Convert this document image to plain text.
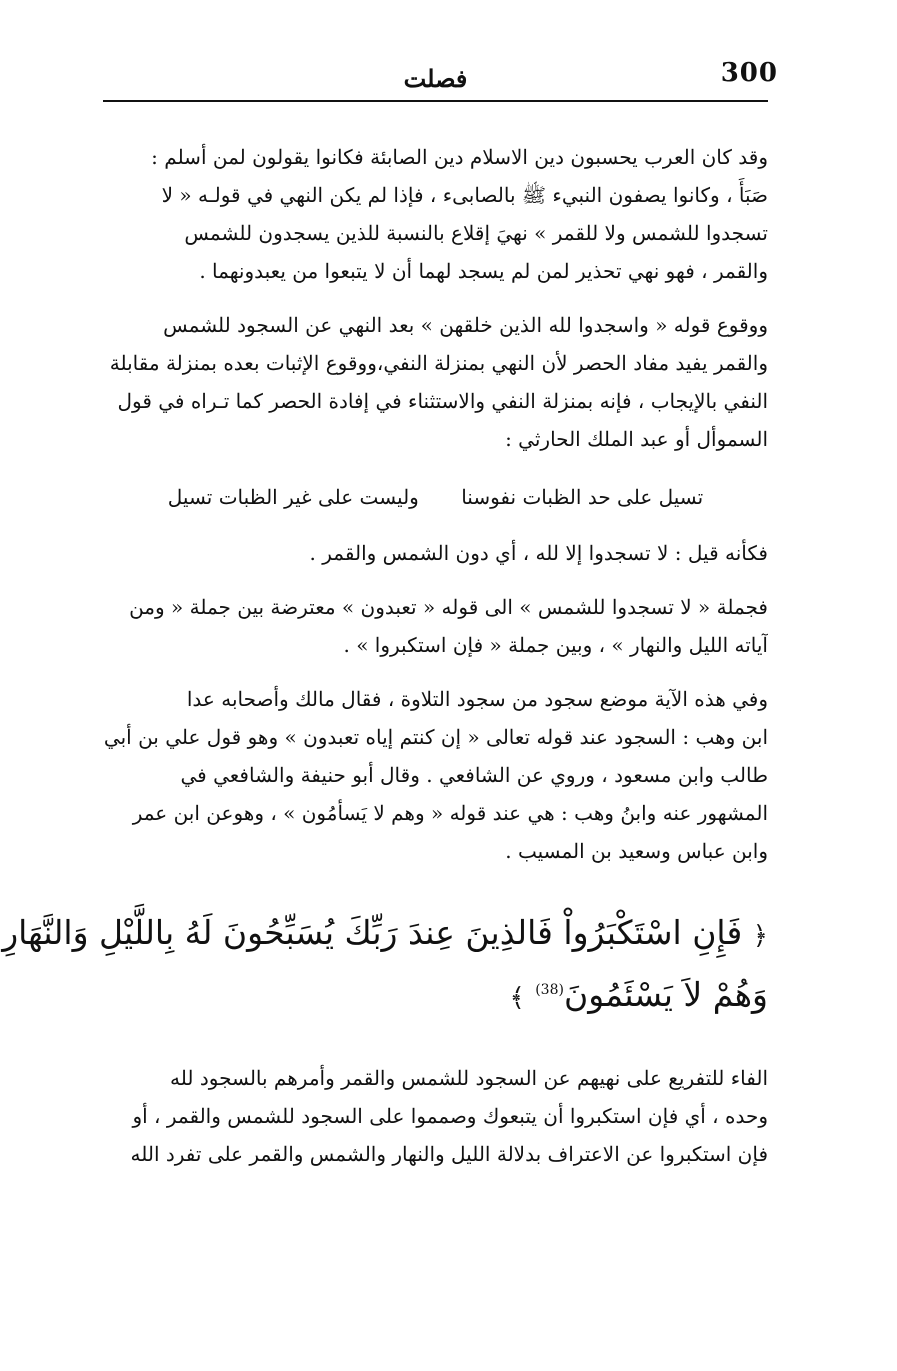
300
فصلت

وقد كان العرب يحسبون دين الاسلام دين الصابئة فكانوا يقولون لمن أسلم :
صَبَأَ ، وكانوا يصفون النبيء ﷺ بالصابىء ، فإذا لم يكن النهي في قولـه « لا
تسجدوا للشمس ولا للقمر » نهيَ إقلاع بالنسبة للذين يسجدون للشمس
والقمر ، فهو نهي تحذير لمن لم يسجد لهما أن لا يتبعوا من يعبدونهما .

ووقوع قوله « واسجدوا لله الذين خلقهن » بعد النهي عن السجود للشمس
والقمر يفيد مفاد الحصر لأن النهي بمنزلة النفي،ووقوع الإثبات بعده بمنزلة مقابلة
النفي بالإيجاب ، فإنه بمنزلة النفي والاستثناء في إفادة الحصر كما تـراه في قول
السموأل أو عبد الملك الحارثي :

تسيل على حد الظبات نفوسنا وليست على غير الظبات تسيل

فكأنه قيل : لا تسجدوا إلا لله ، أي دون الشمس والقمر .

فجملة « لا تسجدوا للشمس » الى قوله « تعبدون » معترضة بين جملة « ومن
آياته الليل والنهار » ، وبين جملة « فإن استكبروا » .

وفي هذه الآية موضع سجود من سجود التلاوة ، فقال مالك وأصحابه عدا
ابن وهب : السجود عند قوله تعالى « إن كنتم إياه تعبدون » وهو قول علي بن أبي
طالب وابن مسعود ، وروي عن الشافعي . وقال أبو حنيفة والشافعي في
المشهور عنه وابنُ وهب : هي عند قوله « وهم لا يَسأمُون » ، وهوعن ابن عمر
وابن عباس وسعيد بن المسيب .

﴿ فَإِنِ اسْتَكْبَرُواْ فَالذِينَ عِندَ رَبِّكَ يُسَبِّحُونَ لَهُ بِاللَّيْلِ وَالنَّهَارِ
وَهُمْ لاَ يَسْئَمُونَ$^{(38)}$ ﴾

الفاء للتفريع على نهيهم عن السجود للشمس والقمر وأمرهم بالسجود لله
وحده ، أي فإن استكبروا أن يتبعوك وصمموا على السجود للشمس والقمر ، أو
فإن استكبروا عن الاعتراف بدلالة الليل والنهار والشمس والقمر على تفرد الله
